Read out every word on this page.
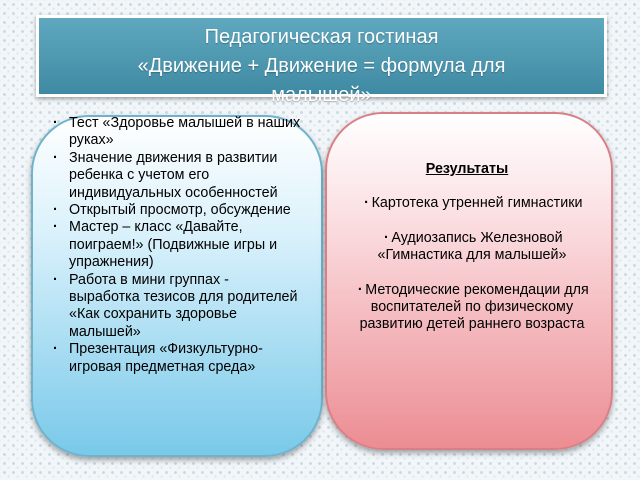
Педагогическая гостиная
«Движение + Движение = формула для
малышей»
· Тест «Здоровье малышей в наших руках»
· Значение движения в развитии ребенка с учетом его индивидуальных особенностей
· Открытый просмотр, обсуждение
· Мастер – класс «Давайте, поиграем!» (Подвижные игры и упражнения)
· Работа в мини группах - выработка тезисов для родителей «Как сохранить здоровье малышей»
· Презентация «Физкультурно-игровая предметная среда»
Результаты
· Картотека утренней гимнастики
· Аудиозапись Железновой «Гимнастика для малышей»
· Методические рекомендации для воспитателей по физическому развитию детей раннего возраста
